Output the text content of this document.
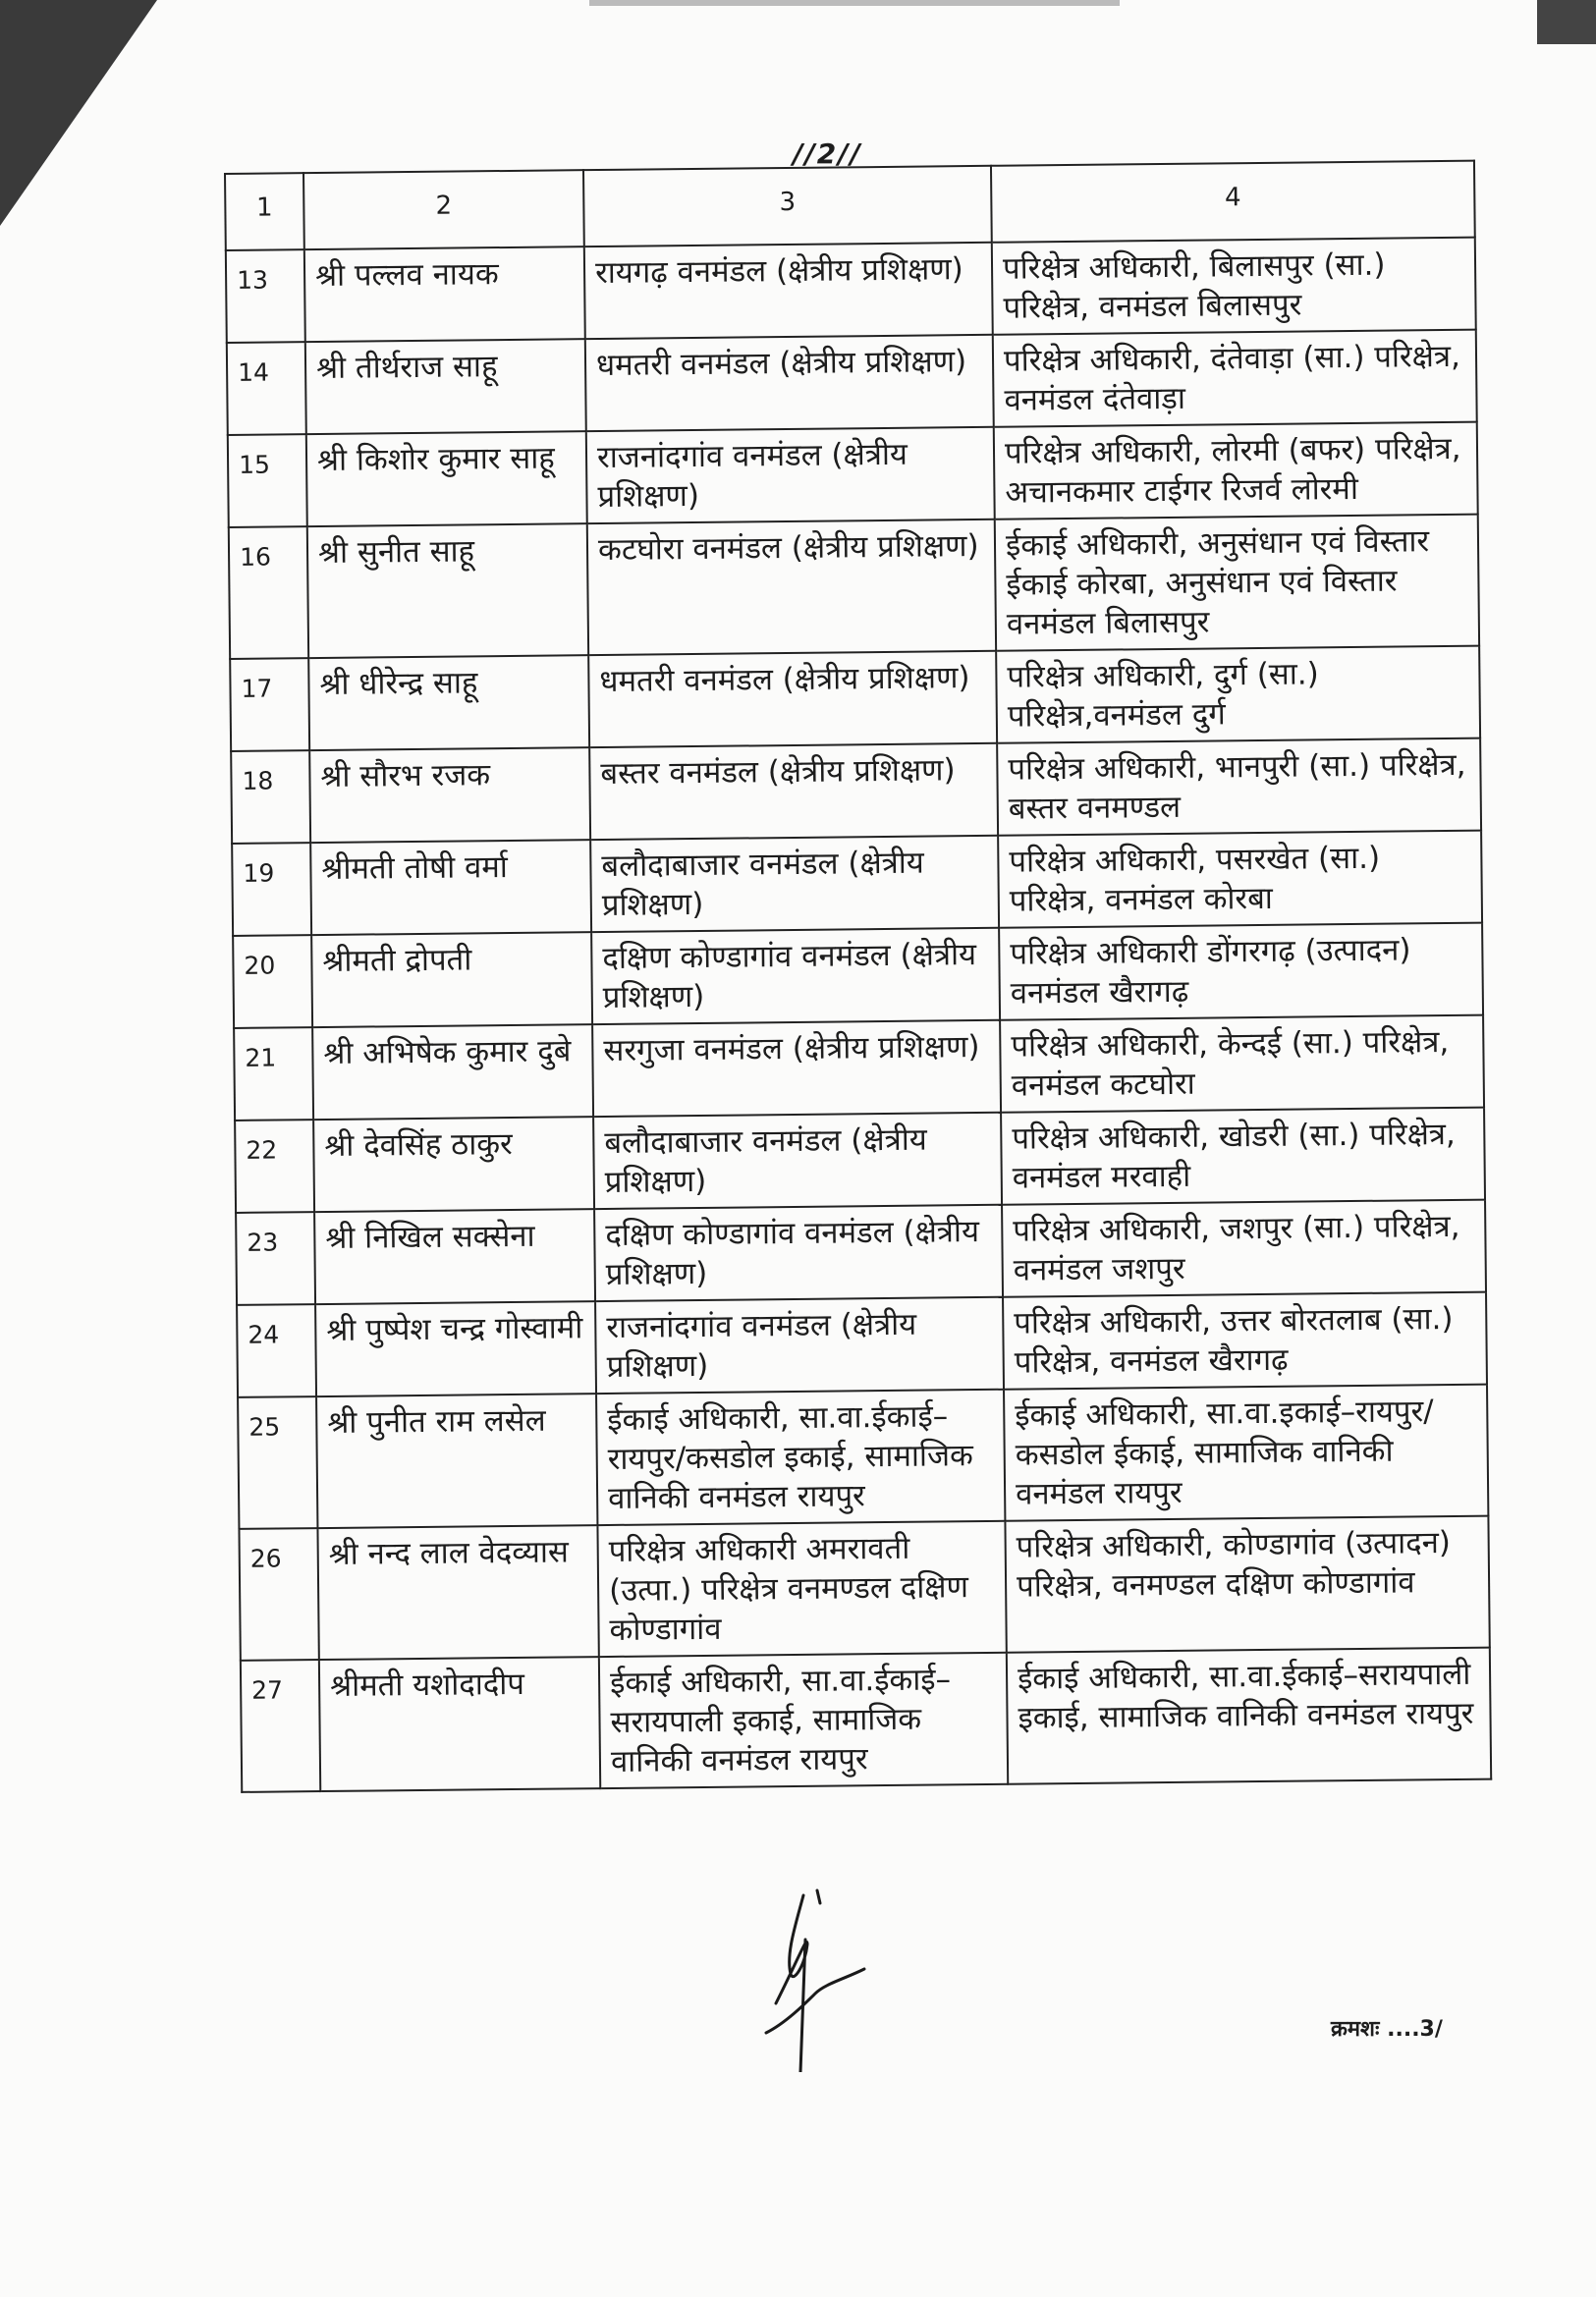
//2//
1	2	3	4
13	श्री पल्लव नायक	रायगढ़ वनमंडल (क्षेत्रीय प्रशिक्षण)	परिक्षेत्र अधिकारी, बिलासपुर (सा.) परिक्षेत्र, वनमंडल बिलासपुर
14	श्री तीर्थराज साहू	धमतरी वनमंडल (क्षेत्रीय प्रशिक्षण)	परिक्षेत्र अधिकारी, दंतेवाड़ा (सा.) परिक्षेत्र, वनमंडल दंतेवाड़ा
15	श्री किशोर कुमार साहू	राजनांदगांव वनमंडल (क्षेत्रीय प्रशिक्षण)	परिक्षेत्र अधिकारी, लोरमी (बफर) परिक्षेत्र, अचानकमार टाईगर रिजर्व लोरमी
16	श्री सुनीत साहू	कटघोरा वनमंडल (क्षेत्रीय प्रशिक्षण)	ईकाई अधिकारी, अनुसंधान एवं विस्तार ईकाई कोरबा, अनुसंधान एवं विस्तार वनमंडल बिलासपुर
17	श्री धीरेन्द्र साहू	धमतरी वनमंडल (क्षेत्रीय प्रशिक्षण)	परिक्षेत्र अधिकारी, दुर्ग (सा.) परिक्षेत्र,वनमंडल दुर्ग
18	श्री सौरभ रजक	बस्तर वनमंडल (क्षेत्रीय प्रशिक्षण)	परिक्षेत्र अधिकारी, भानपुरी (सा.) परिक्षेत्र, बस्तर वनमण्डल
19	श्रीमती तोषी वर्मा	बलौदाबाजार वनमंडल (क्षेत्रीय प्रशिक्षण)	परिक्षेत्र अधिकारी, पसरखेत (सा.) परिक्षेत्र, वनमंडल कोरबा
20	श्रीमती द्रोपती	दक्षिण कोण्डागांव वनमंडल (क्षेत्रीय प्रशिक्षण)	परिक्षेत्र अधिकारी डोंगरगढ़ (उत्पादन) वनमंडल खैरागढ़
21	श्री अभिषेक कुमार दुबे	सरगुजा वनमंडल (क्षेत्रीय प्रशिक्षण)	परिक्षेत्र अधिकारी, केन्दई (सा.) परिक्षेत्र, वनमंडल कटघोरा
22	श्री देवसिंह ठाकुर	बलौदाबाजार वनमंडल (क्षेत्रीय प्रशिक्षण)	परिक्षेत्र अधिकारी, खोडरी (सा.) परिक्षेत्र, वनमंडल मरवाही
23	श्री निखिल सक्सेना	दक्षिण कोण्डागांव वनमंडल (क्षेत्रीय प्रशिक्षण)	परिक्षेत्र अधिकारी, जशपुर (सा.) परिक्षेत्र, वनमंडल जशपुर
24	श्री पुष्पेश चन्द्र गोस्वामी	राजनांदगांव वनमंडल (क्षेत्रीय प्रशिक्षण)	परिक्षेत्र अधिकारी, उत्तर बोरतलाब (सा.) परिक्षेत्र, वनमंडल खैरागढ़
25	श्री पुनीत राम लसेल	ईकाई अधिकारी, सा.वा.ईकाई–रायपुर/कसडोल इकाई, सामाजिक वानिकी वनमंडल रायपुर	ईकाई अधिकारी, सा.वा.इकाई–रायपुर/कसडोल ईकाई, सामाजिक वानिकी वनमंडल रायपुर
26	श्री नन्द लाल वेदव्यास	परिक्षेत्र अधिकारी अमरावती (उत्पा.) परिक्षेत्र वनमण्डल दक्षिण कोण्डागांव	परिक्षेत्र अधिकारी, कोण्डागांव (उत्पादन) परिक्षेत्र, वनमण्डल दक्षिण कोण्डागांव
27	श्रीमती यशोदादीप	ईकाई अधिकारी, सा.वा.ईकाई–सरायपाली इकाई, सामाजिक वानिकी वनमंडल रायपुर	ईकाई अधिकारी, सा.वा.ईकाई–सरायपाली इकाई, सामाजिक वानिकी वनमंडल रायपुर
क्रमशः ....3/
